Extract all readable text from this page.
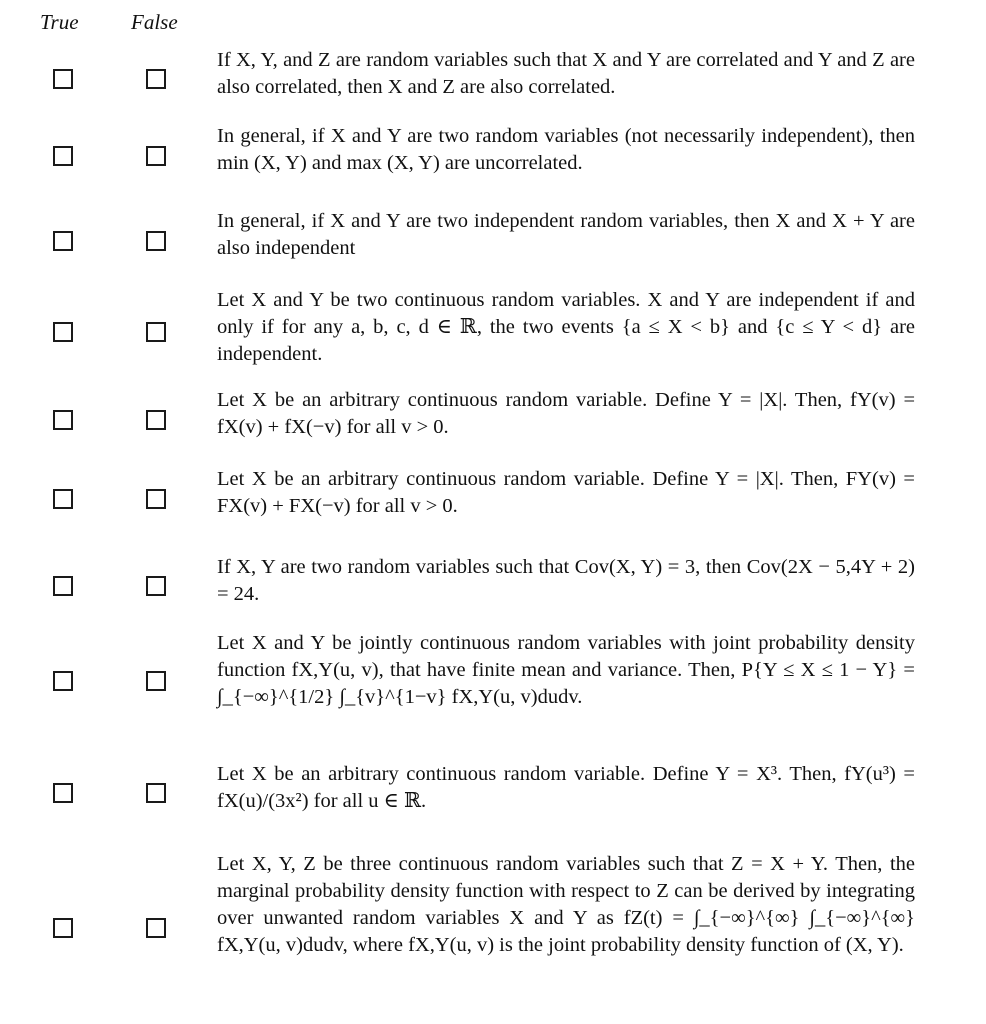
True False
If X, Y, and Z are random variables such that X and Y are correlated and Y and Z are also correlated, then X and Z are also correlated.
In general, if X and Y are two random variables (not necessarily independent), then min (X, Y) and max (X, Y) are uncorrelated.
In general, if X and Y are two independent random variables, then X and X + Y are also independent
Let X and Y be two continuous random variables. X and Y are independent if and only if for any a, b, c, d ∈ ℝ, the two events {a ≤ X < b} and {c ≤ Y < d} are independent.
Let X be an arbitrary continuous random variable. Define Y = |X|. Then, fY(v) = fX(v) + fX(−v) for all v > 0.
Let X be an arbitrary continuous random variable. Define Y = |X|. Then, FY(v) = FX(v) + FX(−v) for all v > 0.
If X, Y are two random variables such that Cov(X, Y) = 3, then Cov(2X − 5,4Y + 2) = 24.
Let X and Y be jointly continuous random variables with joint probability density function fX,Y(u, v), that have finite mean and variance. Then, P{Y ≤ X ≤ 1 − Y} = ∫_{−∞}^{1/2} ∫_{v}^{1−v} fX,Y(u, v)dudv.
Let X be an arbitrary continuous random variable. Define Y = X³. Then, fY(u³) = fX(u)/(3x²) for all u ∈ ℝ.
Let X, Y, Z be three continuous random variables such that Z = X + Y. Then, the marginal probability density function with respect to Z can be derived by integrating over unwanted random variables X and Y as fZ(t) = ∫_{−∞}^{∞} ∫_{−∞}^{∞} fX,Y(u, v)dudv, where fX,Y(u, v) is the joint probability density function of (X, Y).
